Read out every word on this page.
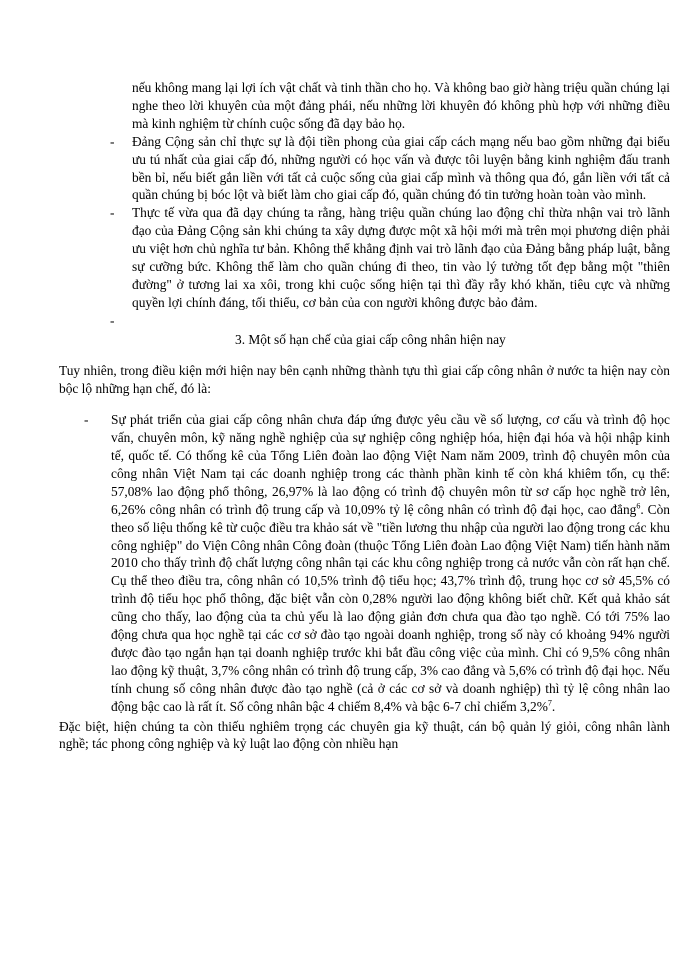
nếu không mang lại lợi ích vật chất và tinh thần cho họ. Và không bao giờ hàng triệu quần chúng lại nghe theo lời khuyên của một đảng phái, nếu những lời khuyên đó không phù hợp với những điều mà kinh nghiệm từ chính cuộc sống đã dạy bảo họ.

- Đảng Cộng sản chỉ thực sự là đội tiền phong của giai cấp cách mạng nếu bao gồm những đại biểu ưu tú nhất của giai cấp đó, những người có học vấn và được tôi luyện bằng kinh nghiệm đấu tranh bền bỉ, nếu biết gắn liền với tất cả cuộc sống của giai cấp mình và thông qua đó, gắn liền với tất cả quần chúng bị bóc lột và biết làm cho giai cấp đó, quần chúng đó tin tưởng hoàn toàn vào mình.

- Thực tế vừa qua đã dạy chúng ta rằng, hàng triệu quần chúng lao động chỉ thừa nhận vai trò lãnh đạo của Đảng Cộng sản khi chúng ta xây dựng được một xã hội mới mà trên mọi phương diện phải ưu việt hơn chủ nghĩa tư bản. Không thể khẳng định vai trò lãnh đạo của Đảng bằng pháp luật, bằng sự cưỡng bức. Không thể làm cho quần chúng đi theo, tin vào lý tưởng tốt đẹp bằng một "thiên đường" ở tương lai xa xôi, trong khi cuộc sống hiện tại thì đầy rẫy khó khăn, tiêu cực và những quyền lợi chính đáng, tối thiểu, cơ bản của con người không được bảo đảm.

-

3. Một số hạn chế của giai cấp công nhân hiện nay

Tuy nhiên, trong điều kiện mới hiện nay bên cạnh những thành tựu thì giai cấp công nhân ở nước ta hiện nay còn bộc lộ những hạn chế, đó là:

- Sự phát triển của giai cấp công nhân chưa đáp ứng được yêu cầu về số lượng, cơ cấu và trình độ học vấn, chuyên môn, kỹ năng nghề nghiệp của sự nghiệp công nghiệp hóa, hiện đại hóa và hội nhập kinh tế, quốc tế. Có thống kê của Tổng Liên đoàn lao động Việt Nam năm 2009, trình độ chuyên môn của công nhân Việt Nam tại các doanh nghiệp trong các thành phần kinh tế còn khá khiêm tốn, cụ thể: 57,08% lao động phổ thông, 26,97% là lao động có trình độ chuyên môn từ sơ cấp học nghề trở lên, 6,26% công nhân có trình độ trung cấp và 10,09% tỷ lệ công nhân có trình độ đại học, cao đẳng$^6$. Còn theo số liệu thống kê từ cuộc điều tra khảo sát về "tiền lương thu nhập của người lao động trong các khu công nghiệp" do Viện Công nhân Công đoàn (thuộc Tổng Liên đoàn Lao động Việt Nam) tiến hành năm 2010 cho thấy trình độ chất lượng công nhân tại các khu công nghiệp trong cả nước vẫn còn rất hạn chế. Cụ thể theo điều tra, công nhân có 10,5% trình độ tiểu học; 43,7% trình độ, trung học cơ sở 45,5% có trình độ tiểu học phổ thông, đặc biệt vẫn còn 0,28% người lao động không biết chữ. Kết quả khảo sát cũng cho thấy, lao động của ta chủ yếu là lao động giản đơn chưa qua đào tạo nghề. Có tới 75% lao động chưa qua học nghề tại các cơ sở đào tạo ngoài doanh nghiệp, trong số này có khoảng 94% người được đào tạo ngắn hạn tại doanh nghiệp trước khi bắt đầu công việc của mình. Chỉ có 9,5% công nhân lao động kỹ thuật, 3,7% công nhân có trình độ trung cấp, 3% cao đẳng và 5,6% có trình độ đại học. Nếu tính chung số công nhân được đào tạo nghề (cả ở các cơ sở và doanh nghiệp) thì tỷ lệ công nhân lao động bậc cao là rất ít. Số công nhân bậc 4 chiếm 8,4% và bậc 6-7 chỉ chiếm 3,2%$^7$.

Đặc biệt, hiện chúng ta còn thiếu nghiêm trọng các chuyên gia kỹ thuật, cán bộ quản lý giỏi, công nhân lành nghề; tác phong công nghiệp và kỷ luật lao động còn nhiều hạn
